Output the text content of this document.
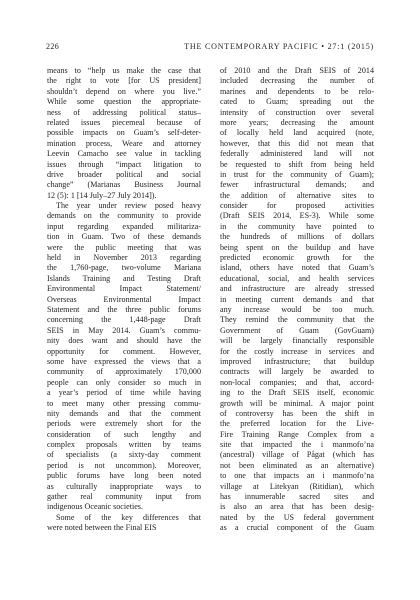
226	THE CONTEMPORARY PACIFIC • 27:1 (2015)
means to “help us make the case that
the right to vote [for US president]
shouldn’t depend on where you live.”
While some question the appropriate-
ness of addressing political status–
related issues piecemeal because of
possible impacts on Guam’s self-deter-
mination process, Weare and attorney
Leevin Camacho see value in tackling
issues through “impact litigation to
drive broader political and social
change” (Marianas Business Journal
12 (5): 1 [14 July–27 July 2014]).
The year under review posed heavy
demands on the community to provide
input regarding expanded militariza-
tion in Guam. Two of these demands
were the public meeting that was
held in November 2013 regarding
the 1,760-page, two-volume Mariana
Islands Training and Testing Draft
Environmental Impact Statement/
Overseas Environmental Impact
Statement and the three public forums
concerning the 1,448-page Draft
SEIS in May 2014. Guam’s commu-
nity does want and should have the
opportunity for comment. However,
some have expressed the views that a
community of approximately 170,000
people can only consider so much in
a year’s period of time while having
to meet many other pressing commu-
nity demands and that the comment
periods were extremely short for the
consideration of such lengthy and
complex proposals written by teams
of specialists (a sixty-day comment
period is not uncommon). Moreover,
public forums have long been noted
as culturally inappropriate ways to
gather real community input from
indigenous Oceanic societies.
Some of the key differences that
were noted between the Final EIS
of 2010 and the Draft SEIS of 2014
included decreasing the number of
marines and dependents to be relo-
cated to Guam; spreading out the
intensity of construction over several
more years; decreasing the amount
of locally held land acquired (note,
however, that this did not mean that
federally administered land will not
be requested to shift from being held
in trust for the community of Guam);
fewer infrastructural demands; and
the addition of alternative sites to
consider for proposed activities
(Draft SEIS 2014, ES-3). While some
in the community have pointed to
the hundreds of millions of dollars
being spent on the buildup and have
predicted economic growth for the
island, others have noted that Guam’s
educational, social, and health services
and infrastructure are already stressed
in meeting current demands and that
any increase would be too much.
They remind the community that the
Government of Guam (GovGuam)
will be largely financially responsible
for the costly increase in services and
improved infrastructure; that buildup
contracts will largely be awarded to
non-local companies; and that, accord-
ing to the Draft SEIS itself, economic
growth will be minimal. A major point
of controversy has been the shift in
the preferred location for the Live-
Fire Training Range Complex from a
site that impacted the i manmofo’na
(ancestral) village of Pågat (which has
not been eliminated as an alternative)
to one that impacts an i manmofo’na
village at Litekyan (Ritidian), which
has innumerable sacred sites and
is also an area that has been desig-
nated by the US federal government
as a crucial component of the Guam
